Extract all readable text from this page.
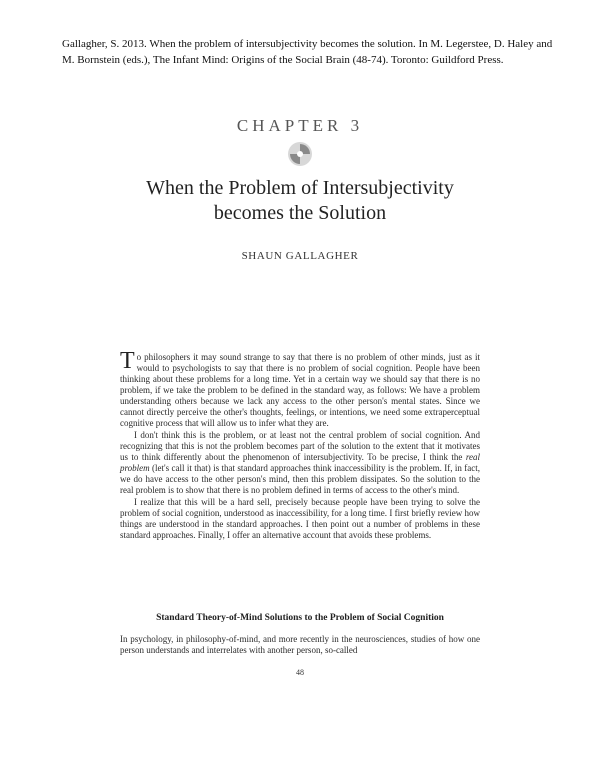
Gallagher, S. 2013. When the problem of intersubjectivity becomes the solution. In M. Legerstee, D. Haley and M. Bornstein (eds.), The Infant Mind: Origins of the Social Brain (48-74). Toronto: Guildford Press.
CHAPTER 3
When the Problem of Intersubjectivity
becomes the Solution
SHAUN GALLAGHER

To philosophers it may sound strange to say that there is no problem of other minds, just as it would to psychologists to say that there is no problem of social cognition. People have been thinking about these problems for a long time. Yet in a certain way we should say that there is no problem, if we take the problem to be defined in the standard way, as follows: We have a problem understanding others because we lack any access to the other person's mental states. Since we cannot directly perceive the other's thoughts, feelings, or intentions, we need some extraperceptual cognitive process that will allow us to infer what they are.

I don't think this is the problem, or at least not the central problem of social cognition. And recognizing that this is not the problem becomes part of the solution to the extent that it motivates us to think differently about the phenomenon of intersubjectivity. To be precise, I think the real problem (let's call it that) is that standard approaches think inaccessibility is the problem. If, in fact, we do have access to the other person's mind, then this problem dissipates. So the solution to the real problem is to show that there is no problem defined in terms of access to the other's mind.

I realize that this will be a hard sell, precisely because people have been trying to solve the problem of social cognition, understood as inaccessibility, for a long time. I first briefly review how things are understood in the standard approaches. I then point out a number of problems in these standard approaches. Finally, I offer an alternative account that avoids these problems.

Standard Theory-of-Mind Solutions to the Problem of Social Cognition

In psychology, in philosophy-of-mind, and more recently in the neurosciences, studies of how one person understands and interrelates with another person, so-called

48
